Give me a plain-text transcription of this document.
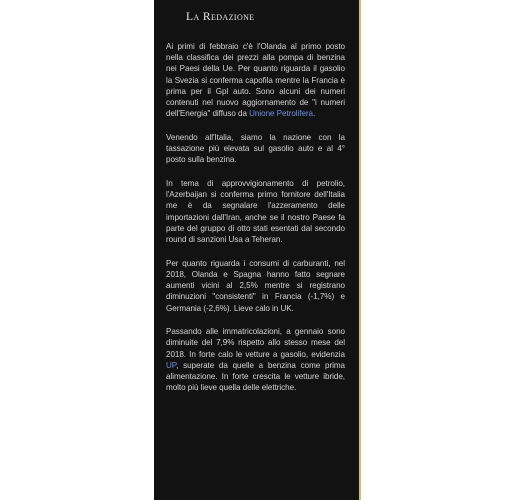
La Redazione

Ai primi di febbraio c'è l'Olanda al primo posto nella classifica dei prezzi alla pompa di benzina nei Paesi della Ue. Per quanto riguarda il gasolio la Svezia si conferma capofila mentre la Francia è prima per il Gpl auto. Sono alcuni dei numeri contenuti nel nuovo aggiornamento de "i numeri dell'Energia" diffuso da Unione Petrolifera.

Venendo all'Italia, siamo la nazione con la tassazione più elevata sul gasolio auto e al 4° posto sulla benzina.

In tema di approvvigionamento di petrolio, l'Azerbaijan si conferma primo fornitore dell'Italia me è da segnalare l'azzeramento delle importazioni dall'Iran, anche se il nostro Paese fa parte del gruppo di otto stati esentati dal secondo round di sanzioni Usa a Teheran.

Per quanto riguarda i consumi di carburanti, nel 2018, Olanda e Spagna hanno fatto segnare aumenti vicini al 2,5% mentre si registrano diminuzioni "consistenti" in Francia (-1,7%) e Germania (-2,6%). Lieve calo in UK.

Passando alle immatricolazioni, a gennaio sono diminuite del 7,9% rispetto allo stesso mese del 2018. In forte calo le vetture a gasolio, evidenzia UP, superate da quelle a benzina come prima alimentazione. In forte crescita le vetture ibride, molto più lieve quella delle elettriche.
